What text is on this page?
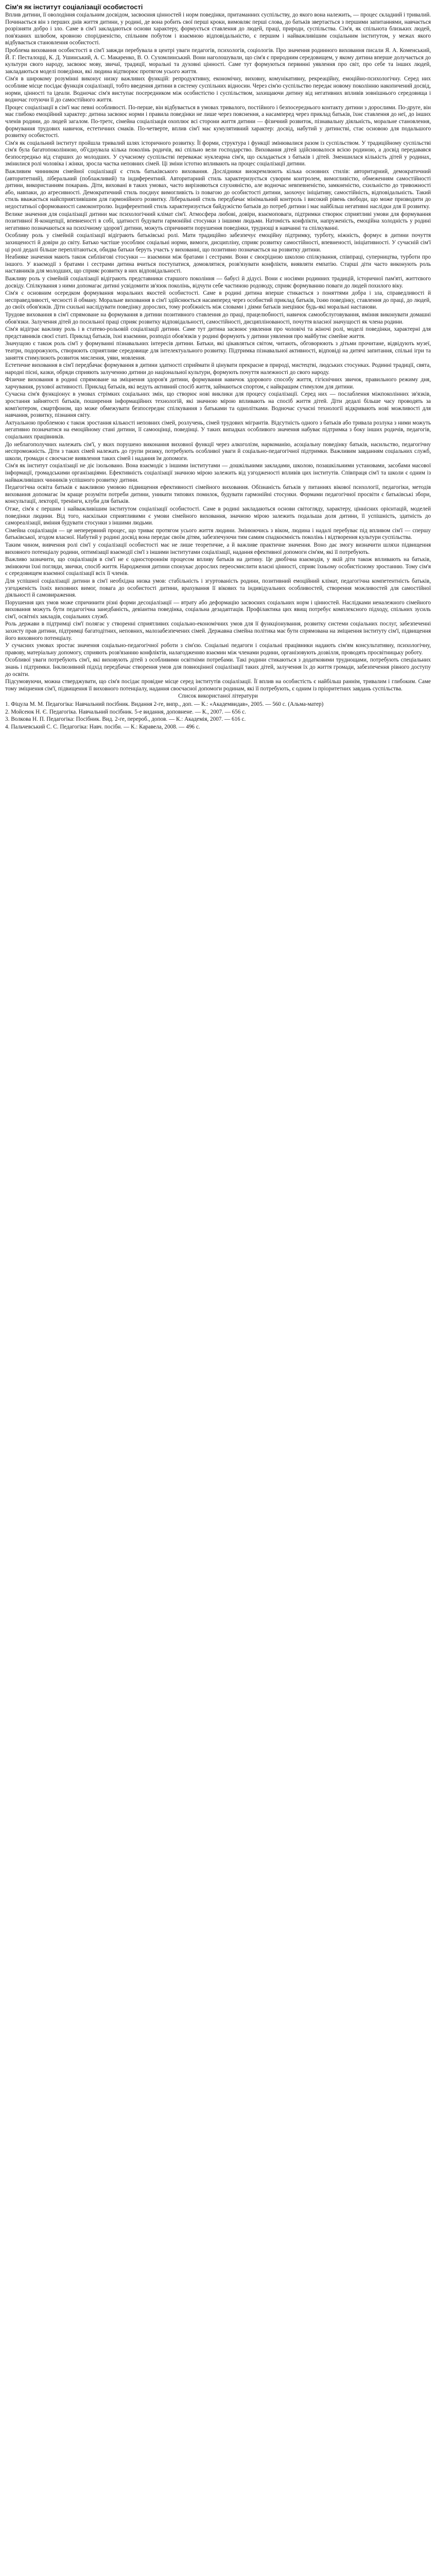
Сім'я як інститут соціалізації особистості

Вплив дитини, її оволодіння соціальним досвідом, засвоєння цінностей і норм поведінки, притаманних суспільству, до якого вона належить, — процес складний і тривалий. Починається він з перших днів життя дитини, у родині, де вона робить свої перші кроки, вимовляє перші слова, до батьків звертається з першими запитаннями, навчається розрізняти добро і зло. Саме в сім'ї закладаються основи характеру, формується ставлення до людей, праці, природи, суспільства. Сім'я, як спільнота близьких людей, пов'язаних шлюбом, кровною спорідненістю, спільним побутом і взаємною відповідальністю, є першим і найважливішим соціальним інститутом, у межах якого відбувається становлення особистості.

Проблема виховання особистості в сім'ї завжди перебувала в центрі уваги педагогів, психологів, соціологів. Про значення родинного виховання писали Я. А. Коменський, Й. Г. Песталоцці, К. Д. Ушинський, А. С. Макаренко, В. О. Сухомлинський. Вони наголошували, що сім'я є природним середовищем, у якому дитина вперше долучається до культури свого народу, засвоює мову, звичаї, традиції, моральні та духовні цінності. Саме тут формуються первинні уявлення про світ, про себе та інших людей, закладаються моделі поведінки, які людина відтворює протягом усього життя.

Сім'я в широкому розумінні виконує низку важливих функцій: репродуктивну, економічну, виховну, комунікативну, рекреаційну, емоційно-психологічну. Серед них особливе місце посідає функція соціалізації, тобто введення дитини в систему суспільних відносин. Через сім'ю суспільство передає новому поколінню накопичений досвід, норми, цінності та ідеали. Водночас сім'я виступає посередником між особистістю і суспільством, захищаючи дитину від негативних впливів зовнішнього середовища і водночас готуючи її до самостійного життя.

Процес соціалізації в сім'ї має певні особливості. По-перше, він відбувається в умовах тривалого, постійного і безпосереднього контакту дитини з дорослими. По-друге, він має глибоко емоційний характер: дитина засвоює норми і правила поведінки не лише через пояснення, а насамперед через приклад батьків, їхнє ставлення до неї, до інших членів родини, до людей загалом. По-третє, сімейна соціалізація охоплює всі сторони життя дитини — фізичний розвиток, пізнавальну діяльність, моральне становлення, формування трудових навичок, естетичних смаків. По-четверте, вплив сім'ї має кумулятивний характер: досвід, набутий у дитинстві, стає основою для подальшого розвитку особистості.

Сім'я як соціальний інститут пройшла тривалий шлях історичного розвитку. Її форми, структура і функції змінювалися разом із суспільством. У традиційному суспільстві сім'я була багатопоколінною, об'єднувала кілька поколінь родичів, які спільно вели господарство. Виховання дітей здійснювалося всією родиною, а досвід передавався безпосередньо від старших до молодших. У сучасному суспільстві переважає нуклеарна сім'я, що складається з батьків і дітей. Зменшилася кількість дітей у родинах, змінилися ролі чоловіка і жінки, зросла частка неповних сімей. Ці зміни істотно впливають на процес соціалізації дитини.

Важливим чинником сімейної соціалізації є стиль батьківського виховання. Дослідники виокремлюють кілька основних стилів: авторитарний, демократичний (авторитетний), ліберальний (поблажливий) та індиферентний. Авторитарний стиль характеризується суворим контролем, вимогливістю, обмеженням самостійності дитини, використанням покарань. Діти, виховані в таких умовах, часто вирізняються слухняністю, але водночас невпевненістю, замкненістю, схильністю до тривожності або, навпаки, до агресивності. Демократичний стиль поєднує вимогливість із повагою до особистості дитини, заохочує ініціативу, самостійність, відповідальність. Такий стиль вважається найсприятливішим для гармонійного розвитку. Ліберальний стиль передбачає мінімальний контроль і високий рівень свободи, що може призводити до недостатньої сформованості самоконтролю. Індиферентний стиль характеризується байдужістю батьків до потреб дитини і має найбільш негативні наслідки для її розвитку.

Велике значення для соціалізації дитини має психологічний клімат сім'ї. Атмосфера любові, довіри, взаємоповаги, підтримки створює сприятливі умови для формування позитивної Я-концепції, впевненості в собі, здатності будувати гармонійні стосунки з іншими людьми. Натомість конфлікти, напруженість, емоційна холодність у родині негативно позначаються на психічному здоров'ї дитини, можуть спричиняти порушення поведінки, труднощі в навчанні та спілкуванні.

Особливу роль у сімейній соціалізації відіграють батьківські ролі. Мати традиційно забезпечує емоційну підтримку, турботу, ніжність, формує в дитини почуття захищеності й довіри до світу. Батько частіше уособлює соціальні норми, вимоги, дисципліну, сприяє розвитку самостійності, впевненості, ініціативності. У сучасній сім'ї ці ролі дедалі більше переплітаються, обидва батьки беруть участь у вихованні, що позитивно позначається на розвитку дитини.

Неабияке значення мають також сиблінгові стосунки — взаємини між братами і сестрами. Вони є своєрідною школою спілкування, співпраці, суперництва, турботи про іншого. У взаємодії з братами і сестрами дитина вчиться поступатися, домовлятися, розв'язувати конфлікти, виявляти емпатію. Старші діти часто виконують роль наставників для молодших, що сприяє розвитку в них відповідальності.

Важливу роль у сімейній соціалізації відіграють представники старшого покоління — бабусі й дідусі. Вони є носіями родинних традицій, історичної пам'яті, життєвого досвіду. Спілкування з ними допомагає дитині усвідомити зв'язок поколінь, відчути себе частиною родоводу, сприяє формуванню поваги до людей похилого віку.

Сім'я є основним осередком формування моральних якостей особистості. Саме в родині дитина вперше стикається з поняттями добра і зла, справедливості й несправедливості, чесності й обману. Моральне виховання в сім'ї здійснюється насамперед через особистий приклад батьків, їхню поведінку, ставлення до праці, до людей, до своїх обов'язків. Діти схильні наслідувати поведінку дорослих, тому розбіжність між словами і діями батьків знецінює будь-які моральні настанови.

Трудове виховання в сім'ї спрямоване на формування в дитини позитивного ставлення до праці, працелюбності, навичок самообслуговування, вміння виконувати домашні обов'язки. Залучення дітей до посильної праці сприяє розвитку відповідальності, самостійності, дисциплінованості, почуття власної значущості як члена родини.

Сім'я відіграє важливу роль і в статево-рольовій соціалізації дитини. Саме тут дитина засвоює уявлення про чоловічі та жіночі ролі, моделі поведінки, характерні для представників своєї статі. Приклад батьків, їхні взаємини, розподіл обов'язків у родині формують у дитини уявлення про майбутнє сімейне життя.

Значущою є також роль сім'ї у формуванні пізнавальних інтересів дитини. Батьки, які цікавляться світом, читають, обговорюють з дітьми прочитане, відвідують музеї, театри, подорожують, створюють сприятливе середовище для інтелектуального розвитку. Підтримка пізнавальної активності, відповіді на дитячі запитання, спільні ігри та заняття стимулюють розвиток мислення, уяви, мовлення.

Естетичне виховання в сім'ї передбачає формування в дитини здатності сприймати й цінувати прекрасне в природі, мистецтві, людських стосунках. Родинні традиції, свята, народні пісні, казки, обряди сприяють залученню дитини до національної культури, формують почуття належності до свого народу.

Фізичне виховання в родині спрямоване на зміцнення здоров'я дитини, формування навичок здорового способу життя, гігієнічних звичок, правильного режиму дня, харчування, рухової активності. Приклад батьків, які ведуть активний спосіб життя, займаються спортом, є найкращим стимулом для дитини.

Сучасна сім'я функціонує в умовах стрімких соціальних змін, що створює нові виклики для процесу соціалізації. Серед них — послаблення міжпоколінних зв'язків, зростання зайнятості батьків, поширення інформаційних технологій, які значною мірою впливають на спосіб життя дітей. Діти дедалі більше часу проводять за комп'ютером, смартфоном, що може обмежувати безпосереднє спілкування з батьками та однолітками. Водночас сучасні технології відкривають нові можливості для навчання, розвитку, пізнання світу.

Актуальною проблемою є також зростання кількості неповних сімей, розлучень, сімей трудових мігрантів. Відсутність одного з батьків або тривала розлука з ними можуть негативно позначатися на емоційному стані дитини, її самооцінці, поведінці. У таких випадках особливого значення набуває підтримка з боку інших родичів, педагогів, соціальних працівників.

До неблагополучних належать сім'ї, у яких порушено виконання виховної функції через алкоголізм, наркоманію, асоціальну поведінку батьків, насильство, педагогічну неспроможність. Діти з таких сімей належать до групи ризику, потребують особливої уваги й соціально-педагогічної підтримки. Важливим завданням соціальних служб, школи, громади є своєчасне виявлення таких сімей і надання їм допомоги.

Сім'я як інститут соціалізації не діє ізольовано. Вона взаємодіє з іншими інститутами — дошкільними закладами, школою, позашкільними установами, засобами масової інформації, громадськими організаціями. Ефективність соціалізації значною мірою залежить від узгодженості впливів цих інститутів. Співпраця сім'ї та школи є одним із найважливіших чинників успішного розвитку дитини.

Педагогічна освіта батьків є важливою умовою підвищення ефективності сімейного виховання. Обізнаність батьків у питаннях вікової психології, педагогіки, методів виховання допомагає їм краще розуміти потреби дитини, уникати типових помилок, будувати гармонійні стосунки. Формами педагогічної просвіти є батьківські збори, консультації, лекторії, тренінги, клуби для батьків.

Отже, сім'я є першим і найважливішим інститутом соціалізації особистості. Саме в родині закладаються основи світогляду, характеру, ціннісних орієнтацій, моделей поведінки людини. Від того, наскільки сприятливими є умови сімейного виховання, значною мірою залежить подальша доля дитини, її успішність, здатність до самореалізації, вміння будувати стосунки з іншими людьми.

Сімейна соціалізація — це неперервний процес, що триває протягом усього життя людини. Змінюючись з віком, людина і надалі перебуває під впливом сім'ї — спершу батьківської, згодом власної. Набутий у родині досвід вона передає своїм дітям, забезпечуючи тим самим спадкоємність поколінь і відтворення культури суспільства.

Таким чином, вивчення ролі сім'ї у соціалізації особистості має не лише теоретичне, а й важливе практичне значення. Воно дає змогу визначити шляхи підвищення виховного потенціалу родини, оптимізації взаємодії сім'ї з іншими інститутами соціалізації, надання ефективної допомоги сім'ям, які її потребують.

Важливо зазначити, що соціалізація в сім'ї не є одностороннім процесом впливу батьків на дитину. Це двобічна взаємодія, у якій діти також впливають на батьків, змінюючи їхні погляди, звички, спосіб життя. Народження дитини спонукає дорослих переосмислити власні цінності, сприяє їхньому особистісному зростанню. Тому сім'я є середовищем взаємної соціалізації всіх її членів.

Для успішної соціалізації дитини в сім'ї необхідна низка умов: стабільність і згуртованість родини, позитивний емоційний клімат, педагогічна компетентність батьків, узгодженість їхніх виховних вимог, повага до особистості дитини, врахування її вікових та індивідуальних особливостей, створення можливостей для самостійної діяльності й самовираження.

Порушення цих умов може спричинити різні форми десоціалізації — втрату або деформацію засвоєних соціальних норм і цінностей. Наслідками неналежного сімейного виховання можуть бути педагогічна занедбаність, девіантна поведінка, соціальна дезадаптація. Профілактика цих явищ потребує комплексного підходу, спільних зусиль сім'ї, освітніх закладів, соціальних служб.

Роль держави в підтримці сім'ї полягає у створенні сприятливих соціально-економічних умов для її функціонування, розвитку системи соціальних послуг, забезпеченні захисту прав дитини, підтримці багатодітних, неповних, малозабезпечених сімей. Державна сімейна політика має бути спрямована на зміцнення інституту сім'ї, підвищення його виховного потенціалу.

У сучасних умовах зростає значення соціально-педагогічної роботи з сім'єю. Соціальні педагоги і соціальні працівники надають сім'ям консультативну, психологічну, правову, матеріальну допомогу, сприяють розв'язанню конфліктів, налагодженню взаємин між членами родини, організовують дозвілля, проводять просвітницьку роботу.

Особливої уваги потребують сім'ї, які виховують дітей з особливими освітніми потребами. Такі родини стикаються з додатковими труднощами, потребують спеціальних знань і підтримки. Інклюзивний підхід передбачає створення умов для повноцінної соціалізації таких дітей, залучення їх до життя громади, забезпечення рівного доступу до освіти.

Підсумовуючи, можна стверджувати, що сім'я посідає провідне місце серед інститутів соціалізації. Її вплив на особистість є найбільш раннім, тривалим і глибоким. Саме тому зміцнення сім'ї, підвищення її виховного потенціалу, надання своєчасної допомоги родинам, які її потребують, є одним із пріоритетних завдань суспільства.

Список використаної літератури

1. Фіцула М. М. Педагогіка: Навчальний посібник. Видання 2-ге, випр., доп. — К.: «Академвидав», 2005. — 560 с. (Альма-матер)

2. Мойсеюк Н. Є. Педагогіка. Навчальний посібник. 5-е видання, доповнене. — К., 2007. — 656 с.

3. Волкова Н. П. Педагогіка: Посібник. Вид. 2-ге, перероб., допов. — К.: Академія, 2007. — 616 с.

4. Пальчевський С. С. Педагогіка: Навч. посібн. — К.: Каравела, 2008. — 496 с.
